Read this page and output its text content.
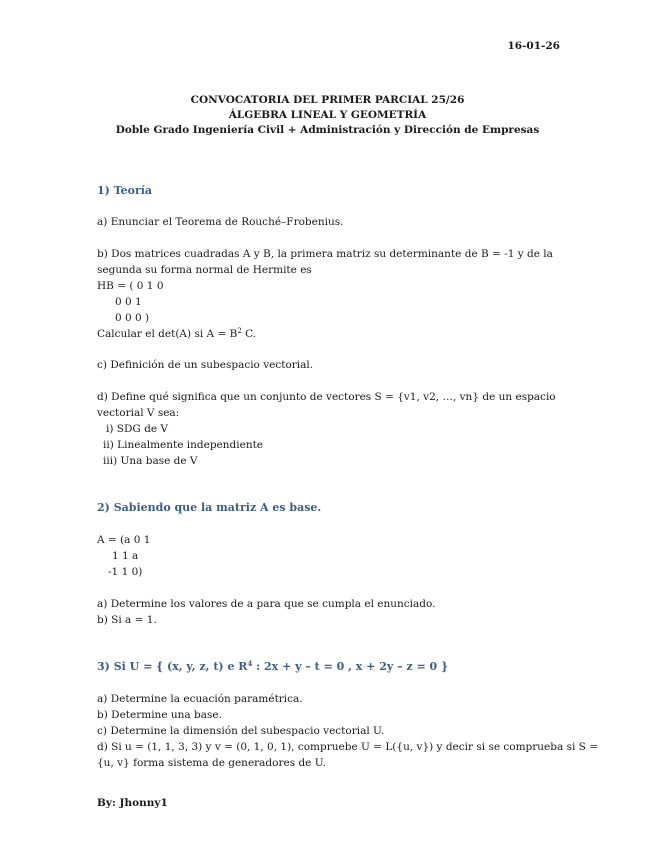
16-01-26
CONVOCATORIA DEL PRIMER PARCIAL 25/26
ÁLGEBRA LINEAL Y GEOMETRÍA
Doble Grado Ingeniería Civil + Administración y Dirección de Empresas
1) Teoría
a) Enunciar el Teorema de Rouché–Frobenius.
b) Dos matrices cuadradas A y B, la primera matriz su determinante de B = -1 y de la
segunda su forma normal de Hermite es
HB = ( 0 1 0
0 0 1
0 0 0 )
Calcular el det(A) si $A = B^2$ C.
c) Definición de un subespacio vectorial.
d) Define qué significa que un conjunto de vectores S = {v1, v2, …, vn} de un espacio
vectorial V sea:
i) SDG de V
ii) Linealmente independiente
iii) Una base de V
2) Sabiendo que la matriz A es base.
A = (a 0 1
1 1 a
-1 1 0)
a) Determine los valores de a para que se cumpla el enunciado.
b) Si a = 1.
3) Si U = { (x, y, z, t) e $R^4$ : 2x + y – t = 0 , x + 2y – z = 0 }
a) Determine la ecuación paramétrica.
b) Determine una base.
c) Determine la dimensión del subespacio vectorial U.
d) Si u = (1, 1, 3, 3) y v = (0, 1, 0, 1), compruebe U = L({u, v}) y decir si se comprueba si S =
{u, v} forma sistema de generadores de U.
By: Jhonny1
